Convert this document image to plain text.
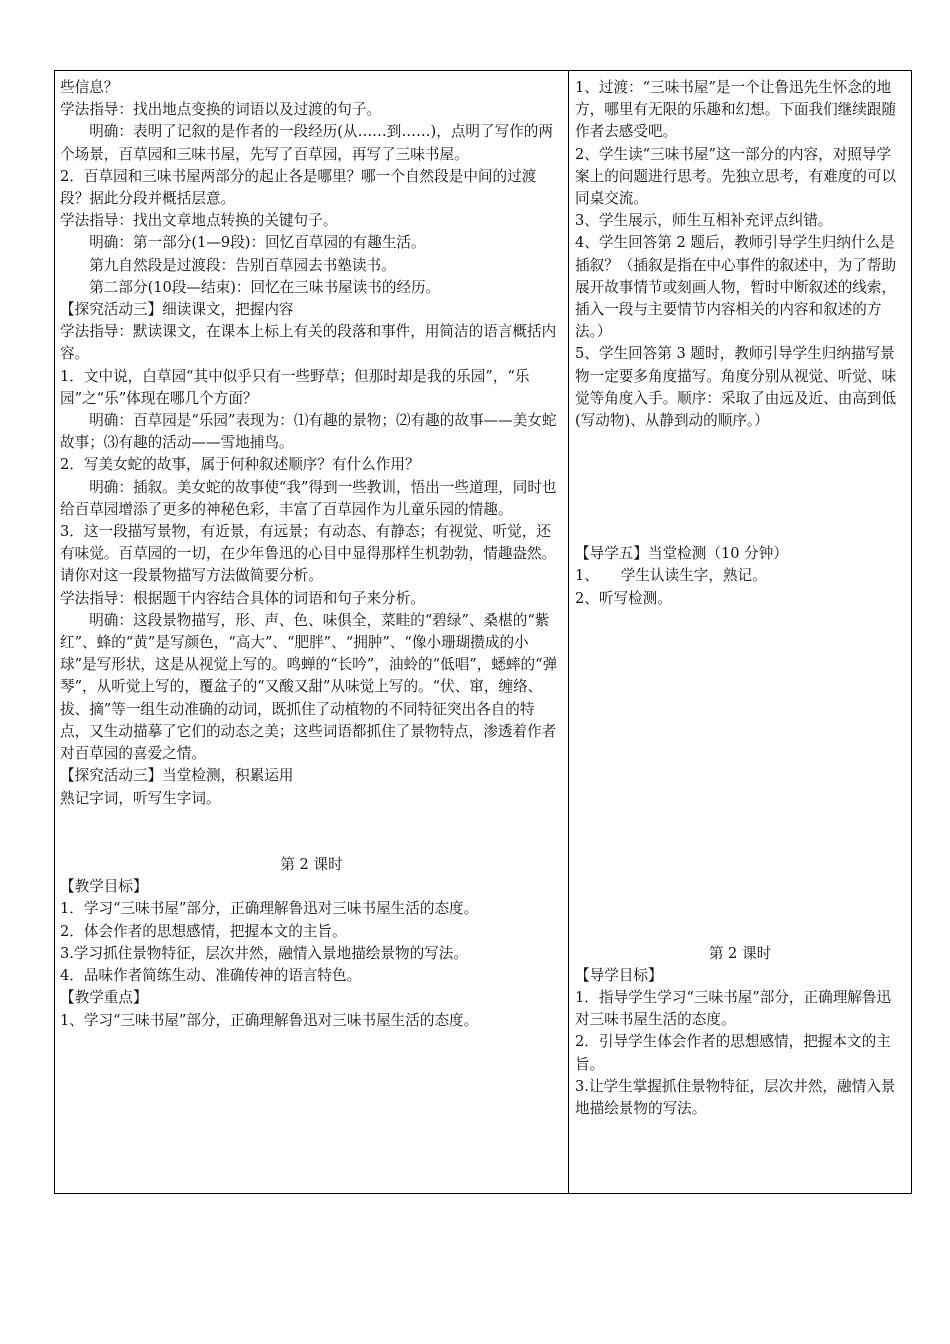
些信息？

学法指导：找出地点变换的词语以及过渡的句子。

明确：表明了记叙的是作者的一段经历(从……到……)，点明了写作的两个场景，百草园和三味书屋，先写了百草园，再写了三味书屋。

2．百草园和三味书屋两部分的起止各是哪里？哪一个自然段是中间的过渡段？据此分段并概括层意。

学法指导：找出文章地点转换的关键句子。

明确：第一部分(1—9段)：回忆百草园的有趣生活。

第九自然段是过渡段：告别百草园去书塾读书。

第二部分(10段—结束)：回忆在三味书屋读书的经历。

【探究活动三】细读课文，把握内容

学法指导：默读课文，在课本上标上有关的段落和事件，用简洁的语言概括内容。

1．文中说，白草园“其中似乎只有一些野草；但那时却是我的乐园”，“乐园”之“乐”体现在哪几个方面？

明确：百草园是“乐园”表现为：⑴有趣的景物；⑵有趣的故事——美女蛇故事；⑶有趣的活动——雪地捕鸟。

2．写美女蛇的故事，属于何种叙述顺序？有什么作用？

明确：插叙。美女蛇的故事使“我”得到一些教训，悟出一些道理，同时也给百草园增添了更多的神秘色彩，丰富了百草园作为儿童乐园的情趣。

3．这一段描写景物，有近景，有远景；有动态、有静态；有视觉、听觉，还有味觉。百草园的一切，在少年鲁迅的心目中显得那样生机勃勃，情趣盎然。请你对这一段景物描写方法做简要分析。

学法指导：根据题干内容结合具体的词语和句子来分析。

明确：这段景物描写，形、声、色、味俱全，菜畦的“碧绿”、桑椹的“紫红”、蜂的“黄”是写颜色，“高大”、“肥胖”、“拥肿”、“像小珊瑚攒成的小球”是写形状，这是从视觉上写的。鸣蝉的“长吟”，油蛉的“低唱”，蟋蟀的“弹琴”，从听觉上写的，覆盆子的“又酸又甜”从味觉上写的。“伏、窜，缠络、拔、摘”等一组生动准确的动词，既抓住了动植物的不同特征突出各自的特点，又生动描摹了它们的动态之美；这些词语都抓住了景物特点，渗透着作者对百草园的喜爱之情。

【探究活动三】当堂检测，积累运用

熟记字词，听写生字词。

第 2 课时

【教学目标】

1．学习“三味书屋”部分，正确理解鲁迅对三味书屋生活的态度。

2．体会作者的思想感情，把握本文的主旨。

3.学习抓住景物特征，层次井然，融情入景地描绘景物的写法。

4．品味作者简练生动、准确传神的语言特色。

【教学重点】

1、学习“三味书屋”部分，正确理解鲁迅对三味书屋生活的态度。

1、过渡：“三味书屋”是一个让鲁迅先生怀念的地方，哪里有无限的乐趣和幻想。下面我们继续跟随作者去感受吧。

2、学生读“三味书屋”这一部分的内容，对照导学案上的问题进行思考。先独立思考，有难度的可以同桌交流。

3、学生展示，师生互相补充评点纠错。

4、学生回答第 2 题后，教师引导学生归纳什么是插叙？（插叙是指在中心事件的叙述中，为了帮助展开故事情节或刻画人物，暂时中断叙述的线索，插入一段与主要情节内容相关的内容和叙述的方法。）

5、学生回答第 3 题时，教师引导学生归纳描写景物一定要多角度描写。角度分别从视觉、听觉、味觉等角度入手。顺序：采取了由远及近、由高到低(写动物)、从静到动的顺序。）

【导学五】当堂检测（10 分钟）

1、　　学生认读生字，熟记。

2、听写检测。

第 2 课时

【导学目标】

1．指导学生学习“三味书屋”部分，正确理解鲁迅对三味书屋生活的态度。

2．引导学生体会作者的思想感情，把握本文的主旨。

3.让学生掌握抓住景物特征，层次井然，融情入景地描绘景物的写法。
